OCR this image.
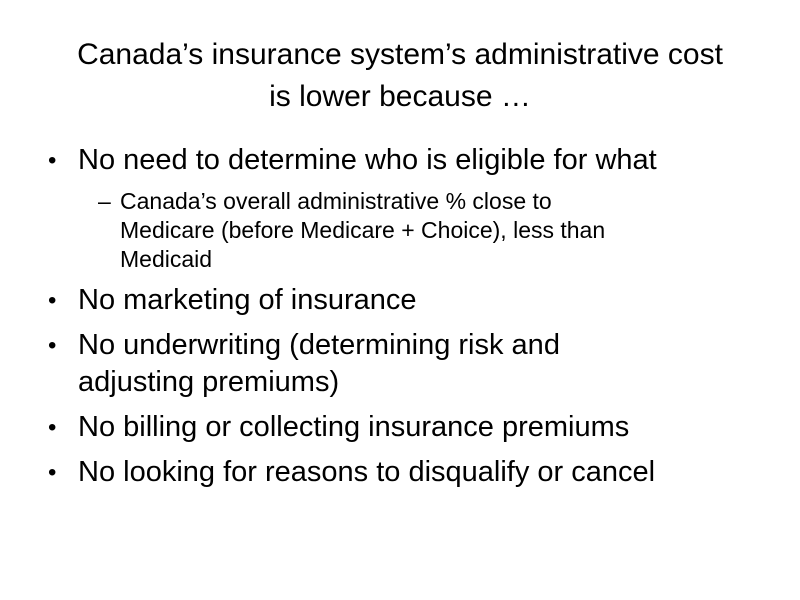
Canada’s insurance system’s administrative cost
is lower because …
• No need to determine who is eligible for what
– Canada’s overall administrative % close to
Medicare (before Medicare + Choice), less than
Medicaid
• No marketing of insurance
• No underwriting (determining risk and
adjusting premiums)
• No billing or collecting insurance premiums
• No looking for reasons to disqualify or cancel
